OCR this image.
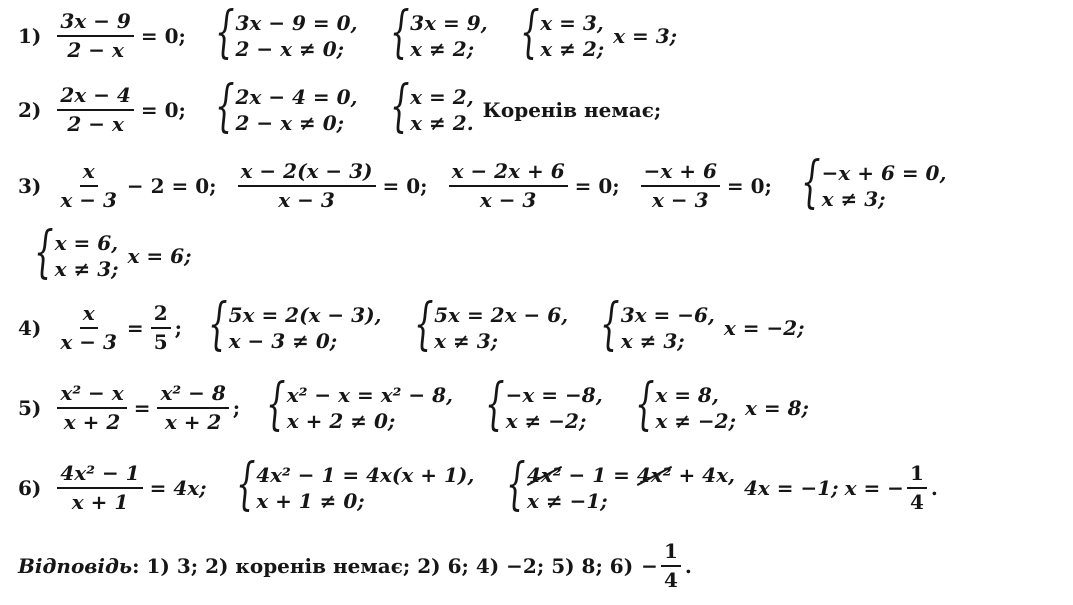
$1) \frac{3x - 9}{2 - x} = 0$; { 3x − 9 = 0,
2 − x ≠ 0; { 3x = 9,
x ≠ 2; { x = 3,
x ≠ 2;
x = 3;
$2) \frac{2x - 4}{2 - x} = 0$; { 2x − 4 = 0,
2 − x ≠ 0; { x = 2,
x ≠ 2.
Коренів немає;
$3) \frac{x}{x - 3} - 2 = 0$; $\frac{x - 2(x - 3)}{x - 3} = 0$; $\frac{x - 2x + 6}{x - 3} = 0$; $\frac{-x + 6}{x - 3} = 0$; { −x + 6 = 0,
x ≠ 3;
{ x = 6,
x ≠ 3;
x = 6;
$4) \frac{x}{x - 3} = \frac{2}{5}$ ; { 5x = 2(x − 3),
x − 3 ≠ 0;	{ 5x = 2x − 6,
x ≠ 3;	{ 3x = −6,
x ≠ 3;
x = −2;
$5) \frac{\text{x² − x}}{x + 2} = \frac{\text{x² − 8}}{x + 2}$ ; { x² − x = x² − 8,
x + 2 ≠ 0;	{ −x = −8,
x ≠ −2; { x = 8,
x ≠ −2;
x = 8;
$6) \frac{\text{4x² − 1}}{x + 1} = 4x$; { 4x² − 1 = 4x(x + 1),
x + 1 ≠ 0;	{ 4x² − 1 = 4x² + 4x,
x ≠ −1;
4x = −1; x = − $\frac{1}{4}$ .
Відповідь : 1) 3; 2) коренів немає; 2) 6; 4) −2; 5) 8; $6) - \frac{1}{4}$ .
